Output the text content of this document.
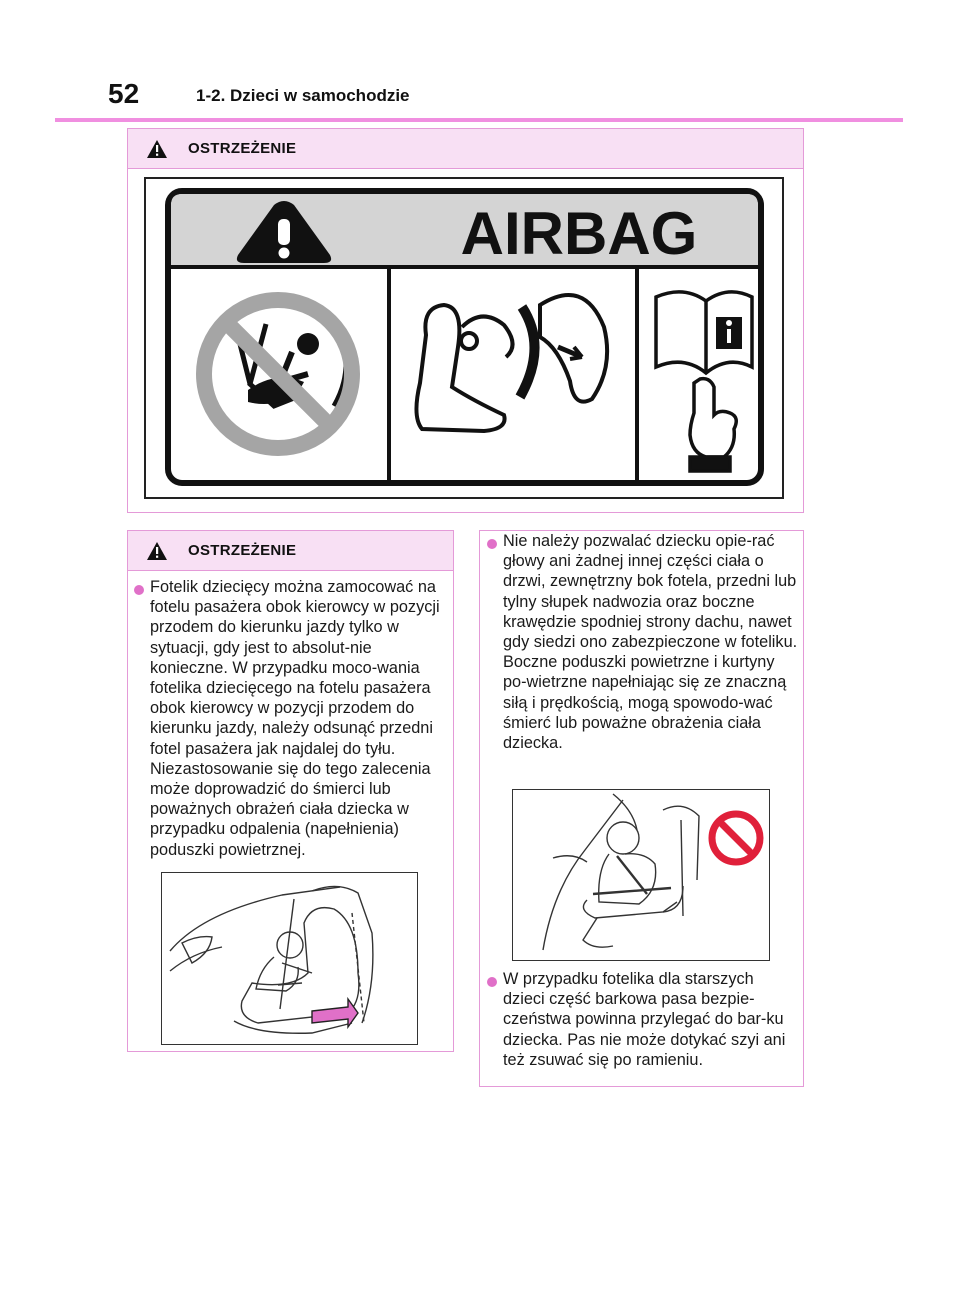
52	1-2. Dzieci w samochodzie
OSTRZEŻENIE
AIRBAG
OSTRZEŻENIE
Fotelik dziecięcy można zamocować na fotelu pasażera obok kierowcy w pozycji przodem do kierunku jazdy tylko w sytuacji, gdy jest to absolut-nie konieczne. W przypadku moco-wania fotelika dziecięcego na fotelu pasażera obok kierowcy w pozycji przodem do kierunku jazdy, należy odsunąć przedni fotel pasażera jak najdalej do tyłu. Niezastosowanie się do tego zalecenia może doprowadzić do śmierci lub poważnych obrażeń ciała dziecka w przypadku odpalenia (napełnienia) poduszki powietrznej.
Nie należy pozwalać dziecku opie-rać głowy ani żadnej innej części ciała o drzwi, zewnętrzny bok fotela, przedni lub tylny słupek nadwozia oraz boczne krawędzie spodniej strony dachu, nawet gdy siedzi ono zabezpieczone w foteliku. Boczne poduszki powietrzne i kurtyny po-wietrzne napełniając się ze znaczną siłą i prędkością, mogą spowodo-wać śmierć lub poważne obrażenia ciała dziecka.
W przypadku fotelika dla starszych dzieci część barkowa pasa bezpie-czeństwa powinna przylegać do bar-ku dziecka. Pas nie może dotykać szyi ani też zsuwać się po ramieniu.
